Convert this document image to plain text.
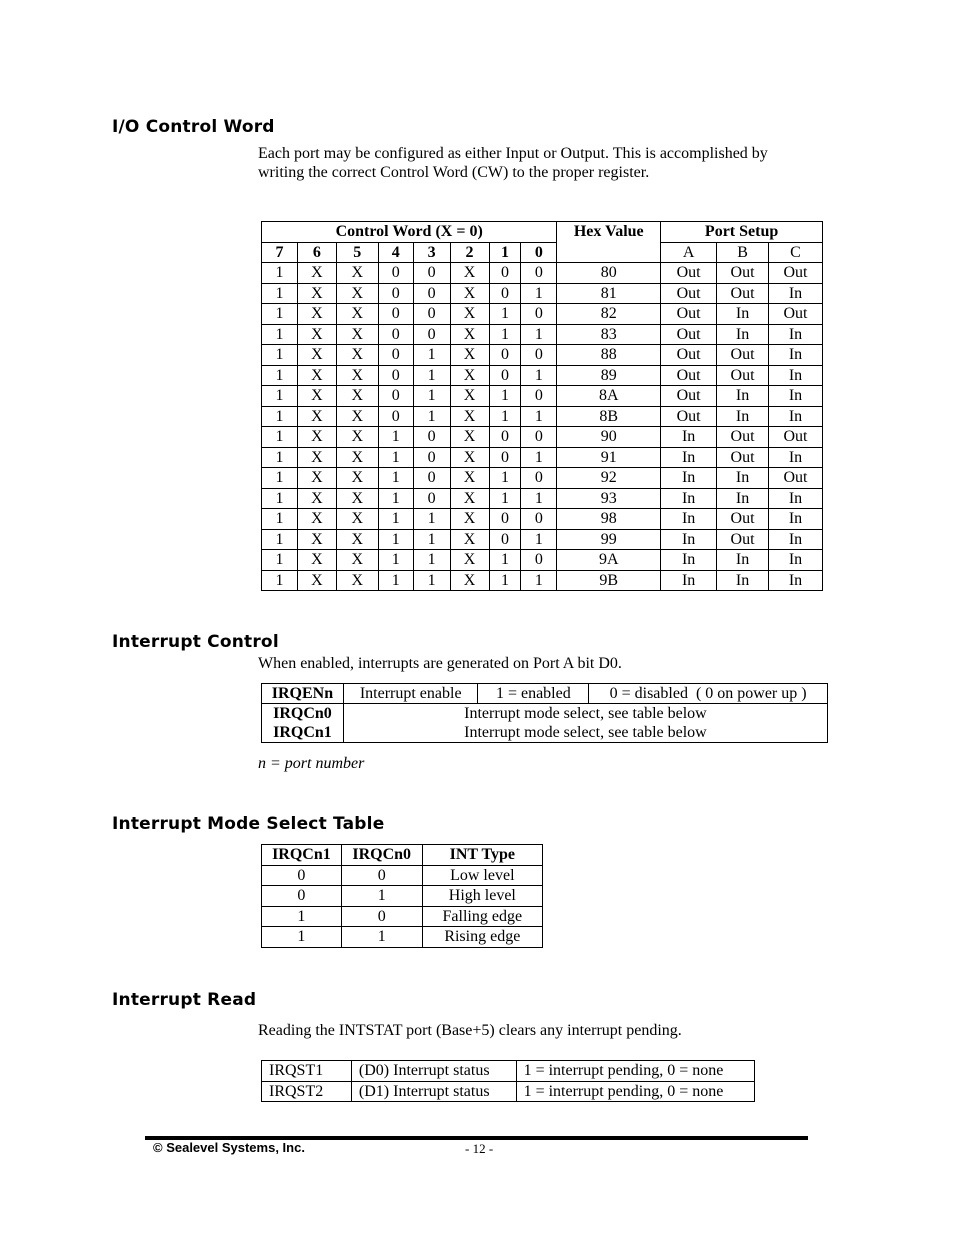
I/O Control Word

Each port may be configured as either Input or Output. This is accomplished by
writing the correct Control Word (CW) to the proper register.

Control Word (X = 0)								Hex Value	Port Setup		
7	6	5	4	3	2	1	0		A	B	C
1	X	X	0	0	X	0	0	80	Out	Out	Out
1	X	X	0	0	X	0	1	81	Out	Out	In
1	X	X	0	0	X	1	0	82	Out	In	Out
1	X	X	0	0	X	1	1	83	Out	In	In
1	X	X	0	1	X	0	0	88	Out	Out	In
1	X	X	0	1	X	0	1	89	Out	Out	In
1	X	X	0	1	X	1	0	8A	Out	In	In
1	X	X	0	1	X	1	1	8B	Out	In	In
1	X	X	1	0	X	0	0	90	In	Out	Out
1	X	X	1	0	X	0	1	91	In	Out	In
1	X	X	1	0	X	1	0	92	In	In	Out
1	X	X	1	0	X	1	1	93	In	In	In
1	X	X	1	1	X	0	0	98	In	Out	In
1	X	X	1	1	X	0	1	99	In	Out	In
1	X	X	1	1	X	1	0	9A	In	In	In
1	X	X	1	1	X	1	1	9B	In	In	In
Interrupt Control

When enabled, interrupts are generated on Port A bit D0.

IRQENn	Interrupt enable	1 = enabled	0 = disabled  ( 0 on power up )
IRQCn0	Interrupt mode select, see table below		
IRQCn1	Interrupt mode select, see table below		

n = port number

Interrupt Mode Select Table
IRQCn1	IRQCn0	INT Type
0	0	Low level
0	1	High level
1	0	Falling edge
1	1	Rising edge
Interrupt Read

Reading the INTSTAT port (Base+5) clears any interrupt pending.

IRQST1	(D0) Interrupt status	1 = interrupt pending, 0 = none
IRQST2	(D1) Interrupt status	1 = interrupt pending, 0 = none
© Sealevel Systems, Inc.	- 12 -
